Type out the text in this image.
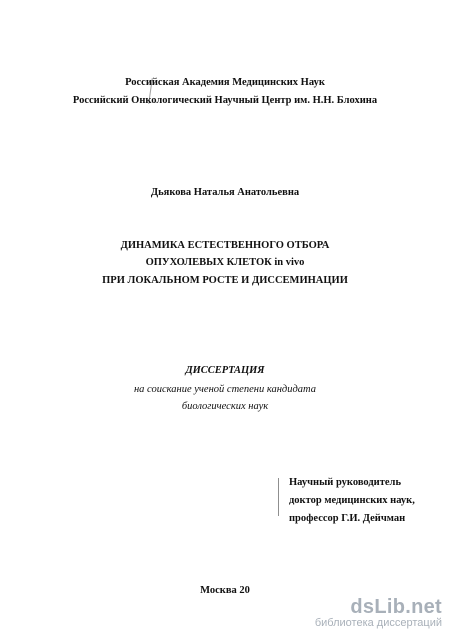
Российская Академия Медицинских Наук
Российский Онкологический Научный Центр им. Н.Н. Блохина
Дьякова Наталья Анатольевна
ДИНАМИКА ЕСТЕСТВЕННОГО ОТБОРА
ОПУХОЛЕВЫХ КЛЕТОК in vivo
ПРИ ЛОКАЛЬНОМ РОСТЕ И ДИССЕМИНАЦИИ
ДИССЕРТАЦИЯ
на соискание ученой степени кандидата
биологических наук
Научный руководитель
доктор медицинских наук,
профессор Г.И. Дейчман
Москва 20
dsLib.net
библиотека диссертаций
